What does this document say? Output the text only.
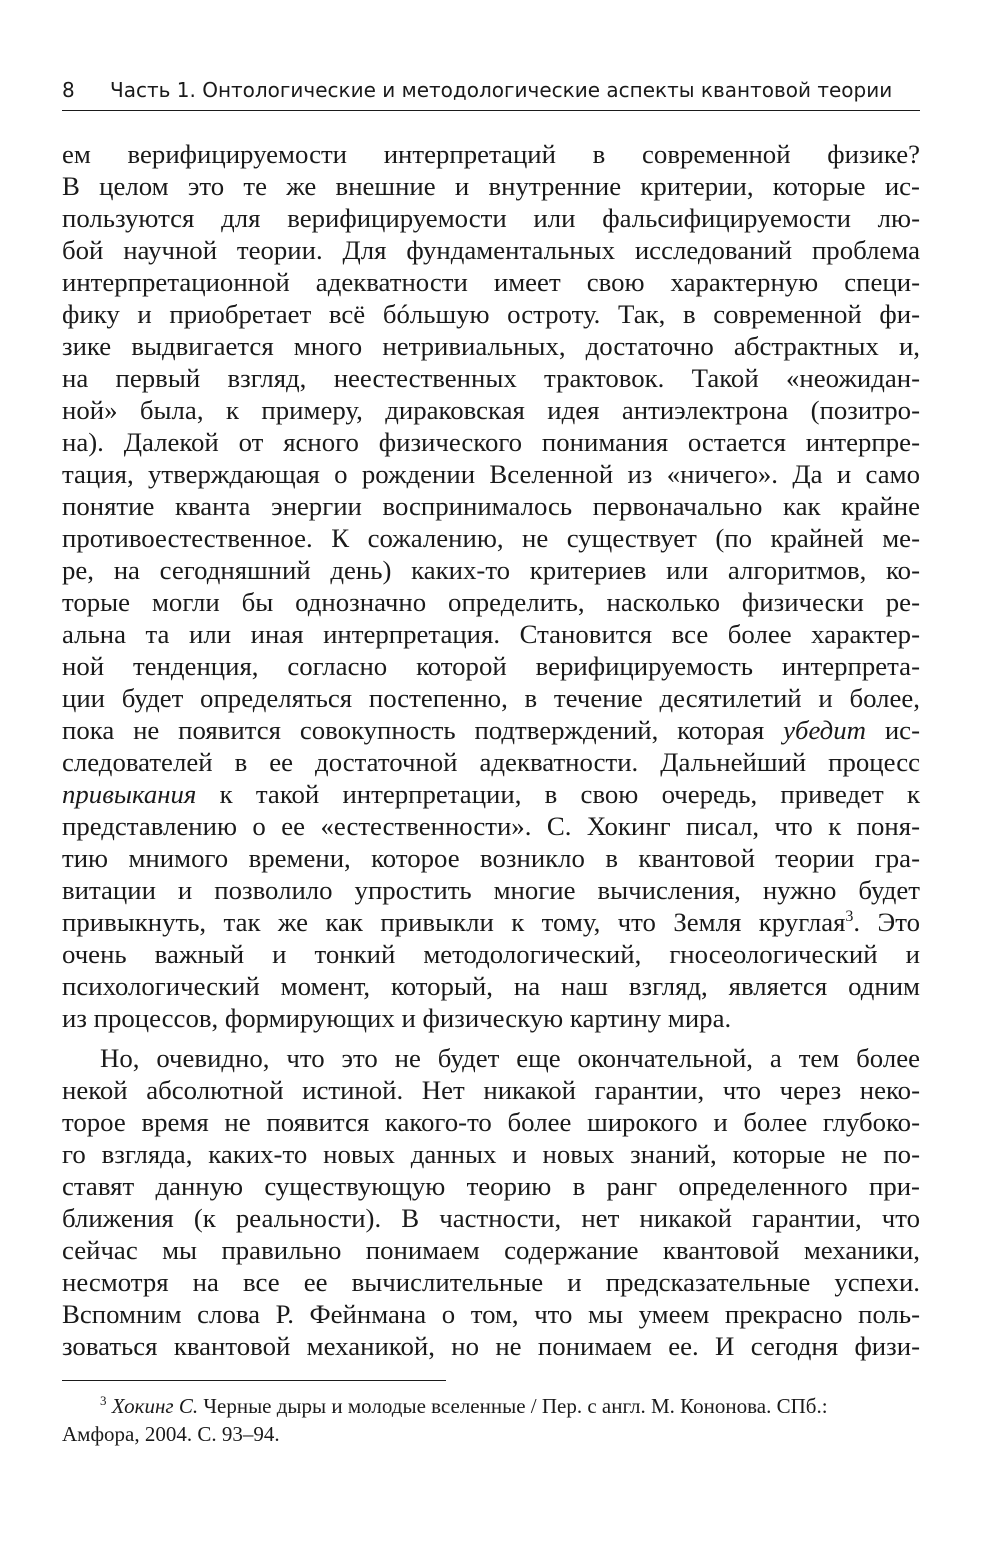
8 Часть 1. Онтологические и методологические аспекты квантовой теории
ем верифицируемости интерпретаций в современной физике?
В целом это те же внешние и внутренние критерии, которые ис-
пользуются для верифицируемости или фальсифицируемости лю-
бой научной теории. Для фундаментальных исследований проблема
интерпретационной адекватности имеет свою характерную специ-
фику и приобретает всё бóльшую остроту. Так, в современной фи-
зике выдвигается много нетривиальных, достаточно абстрактных и,
на первый взгляд, неестественных трактовок. Такой «неожидан-
ной» была, к примеру, дираковская идея антиэлектрона (позитро-
на). Далекой от ясного физического понимания остается интерпре-
тация, утверждающая о рождении Вселенной из «ничего». Да и само
понятие кванта энергии воспринималось первоначально как крайне
противоестественное. К сожалению, не существует (по крайней ме-
ре, на сегодняшний день) каких-то критериев или алгоритмов, ко-
торые могли бы однозначно определить, насколько физически ре-
альна та или иная интерпретация. Становится все более характер-
ной тенденция, согласно которой верифицируемость интерпрета-
ции будет определяться постепенно, в течение десятилетий и более,
пока не появится совокупность подтверждений, которая убедит ис-
следователей в ее достаточной адекватности. Дальнейший процесс
привыкания к такой интерпретации, в свою очередь, приведет к
представлению о ее «естественности». С. Хокинг писал, что к поня-
тию мнимого времени, которое возникло в квантовой теории гра-
витации и позволило упростить многие вычисления, нужно будет
привыкнуть, так же как привыкли к тому, что Земля круглая$^3$. Это
очень важный и тонкий методологический, гносеологический и
психологический момент, который, на наш взгляд, является одним
из процессов, формирующих и физическую картину мира.
Но, очевидно, что это не будет еще окончательной, а тем более
некой абсолютной истиной. Нет никакой гарантии, что через неко-
торое время не появится какого-то более широкого и более глубоко-
го взгляда, каких-то новых данных и новых знаний, которые не по-
ставят данную существующую теорию в ранг определенного при-
ближения (к реальности). В частности, нет никакой гарантии, что
сейчас мы правильно понимаем содержание квантовой механики,
несмотря на все ее вычислительные и предсказательные успехи.
Вспомним слова Р. Фейнмана о том, что мы умеем прекрасно поль-
зоваться квантовой механикой, но не понимаем ее. И сегодня физи-
$^3$ Хокинг С. Черные дыры и молодые вселенные / Пер. с англ. М. Кононова. СПб.:
Амфора, 2004. С. 93–94.
